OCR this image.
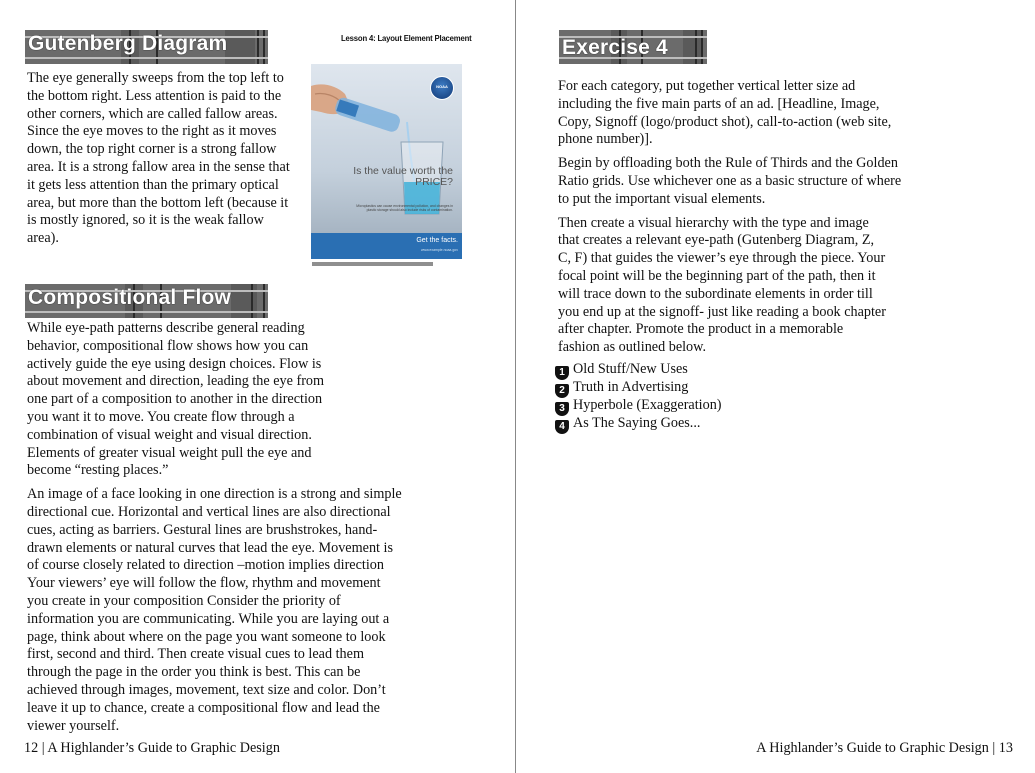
Gutenberg Diagram

The eye generally sweeps from the top left to the bottom right. Less attention is paid to the other corners, which are called fallow areas. Since the eye moves to the right as it moves down, the top right corner is a strong fallow area. It is a strong fallow area in the sense that it gets less attention than the primary optical area, but more than the bottom left (because it is mostly ignored, so it is the weak fallow area).

Lesson 4: Layout Element Placement
NOAA
Is the value worth the PRICE?
Microplastics can cause environmental pollution, and changes in plastic storage should also include risks of contamination.
Get the facts.
www.example.noaa.gov
Compositional Flow

While eye-path patterns describe general reading behavior, compositional flow shows how you can actively guide the eye using design choices. Flow is about movement and direction, leading the eye from one part of a composition to another in the direction you want it to move. You create flow through a combination of visual weight and visual direction. Elements of greater visual weight pull the eye and become “resting places.”

An image of a face looking in one direction is a strong and simple directional cue. Horizontal and vertical lines are also directional cues, acting as barriers. Gestural lines are brushstrokes, hand-drawn elements or natural curves that lead the eye. Movement is of course closely related to direction –motion implies direction Your viewers’ eye will follow the flow, rhythm and movement you create in your composition Consider the priority of information you are communicating. While you are laying out a page, think about where on the page you want someone to look first, second and third. Then create visual cues to lead them through the page in the order you think is best. This can be achieved through images, movement, text size and color. Don’t leave it up to chance, create a compositional flow and lead the viewer yourself.

12 | A Highlander’s Guide to Graphic Design
Exercise 4

For each category, put together vertical letter size ad including the five main parts of an ad. [Headline, Image, Copy, Signoff (logo/product shot), call-to-action (web site, phone number)].

Begin by offloading both the Rule of Thirds and the Golden Ratio grids. Use whichever one as a basic structure of where to put the important visual elements.

Then create a visual hierarchy with the type and image that creates a relevant eye-path (Gutenberg Diagram, Z, C, F) that guides the viewer’s eye through the piece. Your focal point will be the beginning part of the path, then it will trace down to the subordinate elements in order till you end up at the signoff- just like reading a book chapter after chapter. Promote the product in a memorable fashion as outlined below.

1 Old Stuff/New Uses
2 Truth in Advertising
3 Hyperbole (Exaggeration)
4 As The Saying Goes...
A Highlander’s Guide to Graphic Design | 13
